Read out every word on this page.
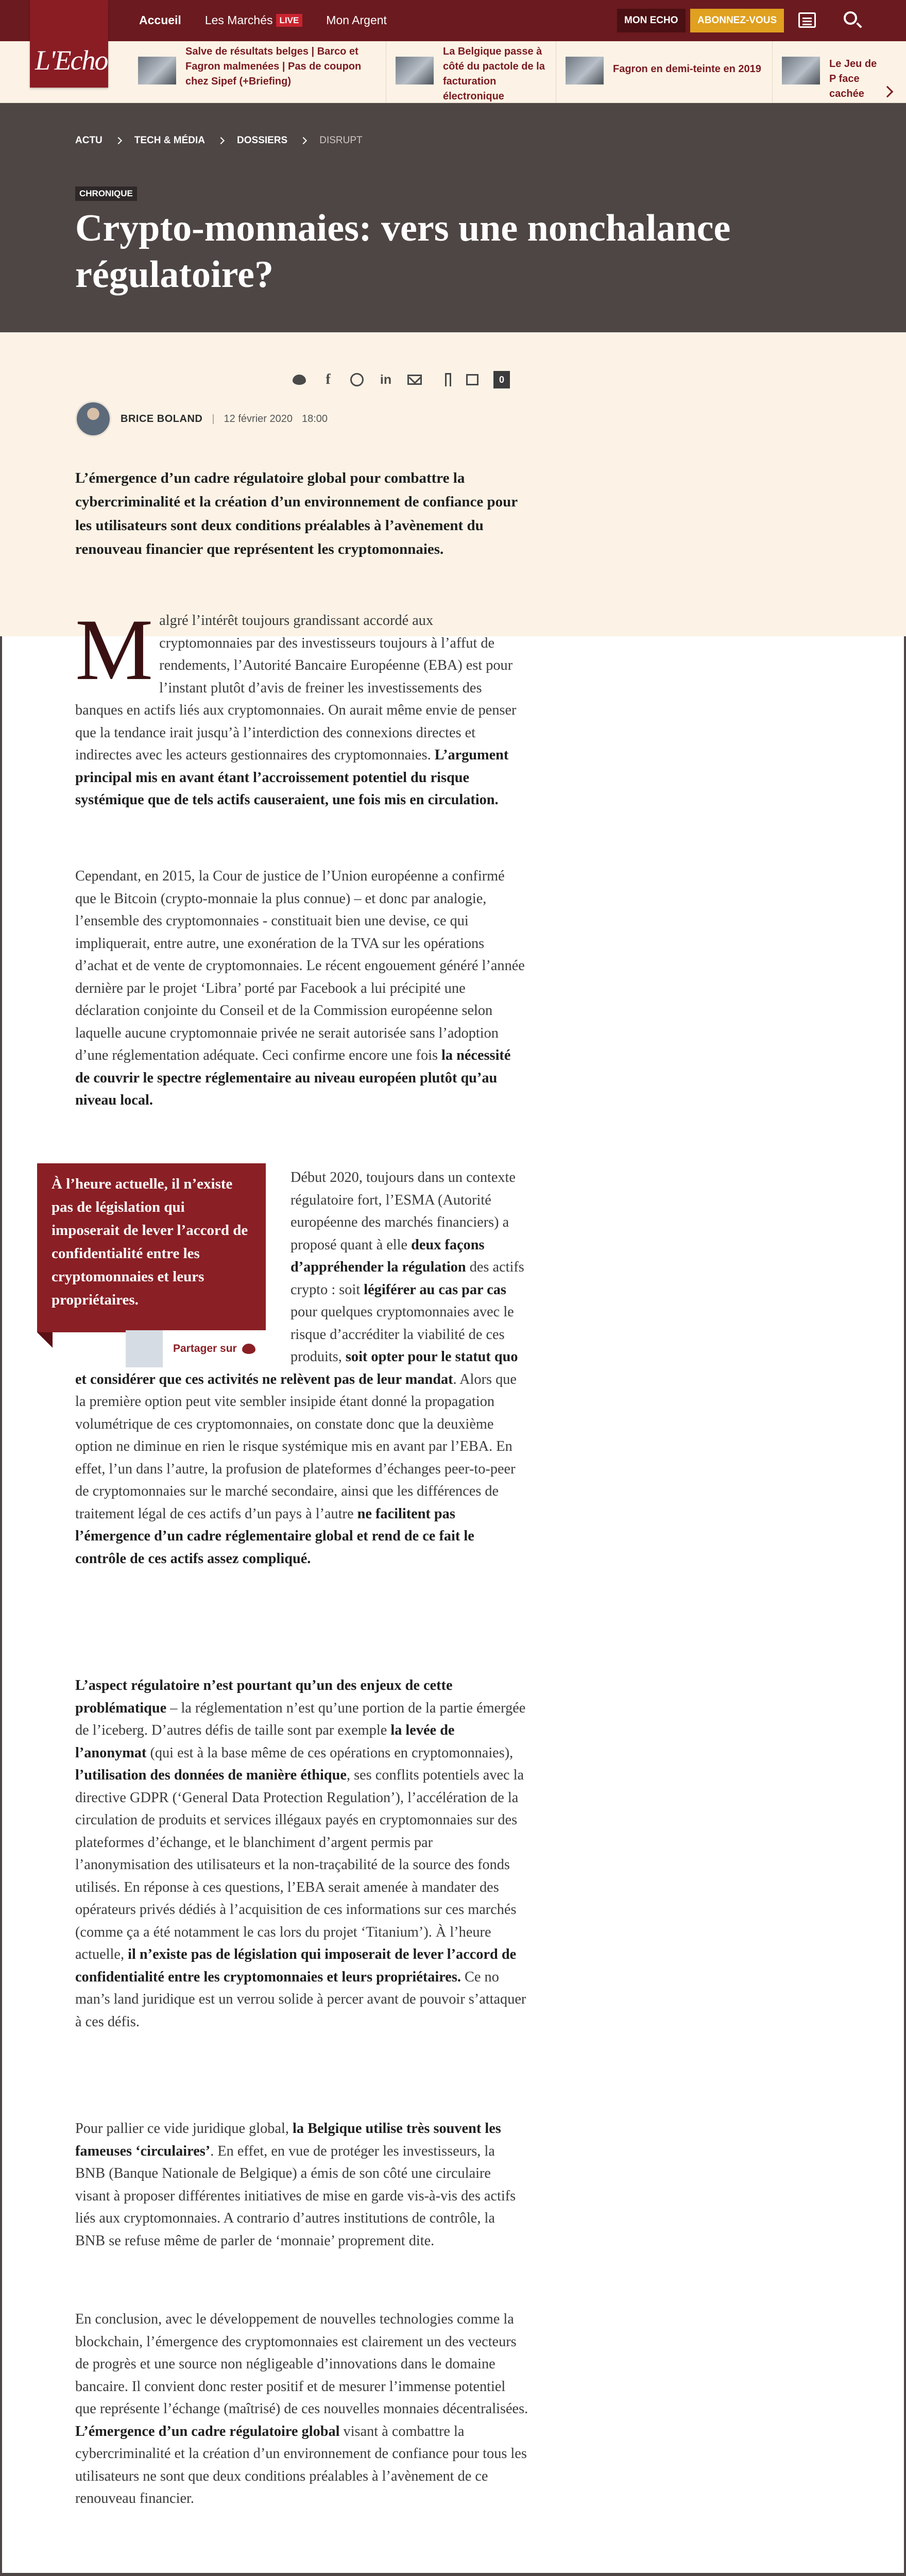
Accueil Les Marchés LIVE	Mon Argent	MON ECHO	ABONNEZ-VOUS
Salve de résultats belges | Barco et Fagron malmenées | Pas de coupon chez Sipef (+Briefing)
La Belgique passe à côté du pactole de la facturation électronique
Fagron en demi-teinte en 2019	Le Jeu de P face cachée
L'Echo
ACTU	TECH & MÉDIA	DOSSIERS	DISRUPT
CHRONIQUE
Crypto-monnaies: vers une nonchalance régulatoire?
f	in	0
BRICE BOLAND | 12 février 2020 18:00

L’émergence d’un cadre régulatoire global pour combattre la cybercriminalité et la création d’un environnement de confiance pour les utilisateurs sont deux conditions préalables à l’avènement du renouveau financier que représentent les cryptomonnaies.

Malgré l’intérêt toujours grandissant accordé aux cryptomonnaies par des investisseurs toujours à l’affut de rendements, l’Autorité Bancaire Européenne (EBA) est pour l’instant plutôt d’avis de freiner les investissements des banques en actifs liés aux cryptomonnaies. On aurait même envie de penser que la tendance irait jusqu’à l’interdiction des connexions directes et indirectes avec les acteurs gestionnaires des cryptomonnaies. L’argument principal mis en avant étant l’accroissement potentiel du risque systémique que de tels actifs causeraient, une fois mis en circulation.
Cependant, en 2015, la Cour de justice de l’Union européenne a confirmé que le Bitcoin (crypto-monnaie la plus connue) – et donc par analogie, l’ensemble des cryptomonnaies - constituait bien une devise, ce qui impliquerait, entre autre, une exonération de la TVA sur les opérations d’achat et de vente de cryptomonnaies. Le récent engouement généré l’année dernière par le projet ‘Libra’ porté par Facebook a lui précipité une déclaration conjointe du Conseil et de la Commission européenne selon laquelle aucune cryptomonnaie privée ne serait autorisée sans l’adoption d’une réglementation adéquate. Ceci confirme encore une fois la nécessité de couvrir le spectre réglementaire au niveau européen plutôt qu’au niveau local.
À l’heure actuelle, il n’existe pas de législation qui imposerait de lever l’accord de confidentialité entre les cryptomonnaies et leurs propriétaires.
Partager sur
Début 2020, toujours dans un contexte régulatoire fort, l’ESMA (Autorité européenne des marchés financiers) a proposé quant à elle deux façons d’appréhender la régulation des actifs crypto : soit légiférer au cas par cas pour quelques cryptomonnaies avec le risque d’accréditer la viabilité de ces produits, soit opter pour le statut quo et considérer que ces activités ne relèvent pas de leur mandat. Alors que la première option peut vite sembler insipide étant donné la propagation volumétrique de ces cryptomonnaies, on constate donc que la deuxième option ne diminue en rien le risque systémique mis en avant par l’EBA. En effet, l’un dans l’autre, la profusion de plateformes d’échanges peer-to-peer de cryptomonnaies sur le marché secondaire, ainsi que les différences de traitement légal de ces actifs d’un pays à l’autre ne facilitent pas l’émergence d’un cadre réglementaire global et rend de ce fait le contrôle de ces actifs assez compliqué.
L’aspect régulatoire n’est pourtant qu’un des enjeux de cette problématique – la réglementation n’est qu’une portion de la partie émergée de l’iceberg. D’autres défis de taille sont par exemple la levée de l’anonymat (qui est à la base même de ces opérations en cryptomonnaies), l’utilisation des données de manière éthique, ses conflits potentiels avec la directive GDPR (‘General Data Protection Regulation’), l’accélération de la circulation de produits et services illégaux payés en cryptomonnaies sur des plateformes d’échange, et le blanchiment d’argent permis par l’anonymisation des utilisateurs et la non-traçabilité de la source des fonds utilisés. En réponse à ces questions, l’EBA serait amenée à mandater des opérateurs privés dédiés à l’acquisition de ces informations sur ces marchés (comme ça a été notamment le cas lors du projet ‘Titanium’). À l’heure actuelle, il n’existe pas de législation qui imposerait de lever l’accord de confidentialité entre les cryptomonnaies et leurs propriétaires. Ce no man’s land juridique est un verrou solide à percer avant de pouvoir s’attaquer à ces défis.
Pour pallier ce vide juridique global, la Belgique utilise très souvent les fameuses ‘circulaires’. En effet, en vue de protéger les investisseurs, la BNB (Banque Nationale de Belgique) a émis de son côté une circulaire visant à proposer différentes initiatives de mise en garde vis-à-vis des actifs liés aux cryptomonnaies. A contrario d’autres institutions de contrôle, la BNB se refuse même de parler de ‘monnaie’ proprement dite.
En conclusion, avec le développement de nouvelles technologies comme la blockchain, l’émergence des cryptomonnaies est clairement un des vecteurs de progrès et une source non négligeable d’innovations dans le domaine bancaire. Il convient donc rester positif et de mesurer l’immense potentiel que représente l’échange (maîtrisé) de ces nouvelles monnaies décentralisées. L’émergence d’un cadre régulatoire global visant à combattre la cybercriminalité et la création d’un environnement de confiance pour tous les utilisateurs ne sont que deux conditions préalables à l’avènement de ce renouveau financier.
